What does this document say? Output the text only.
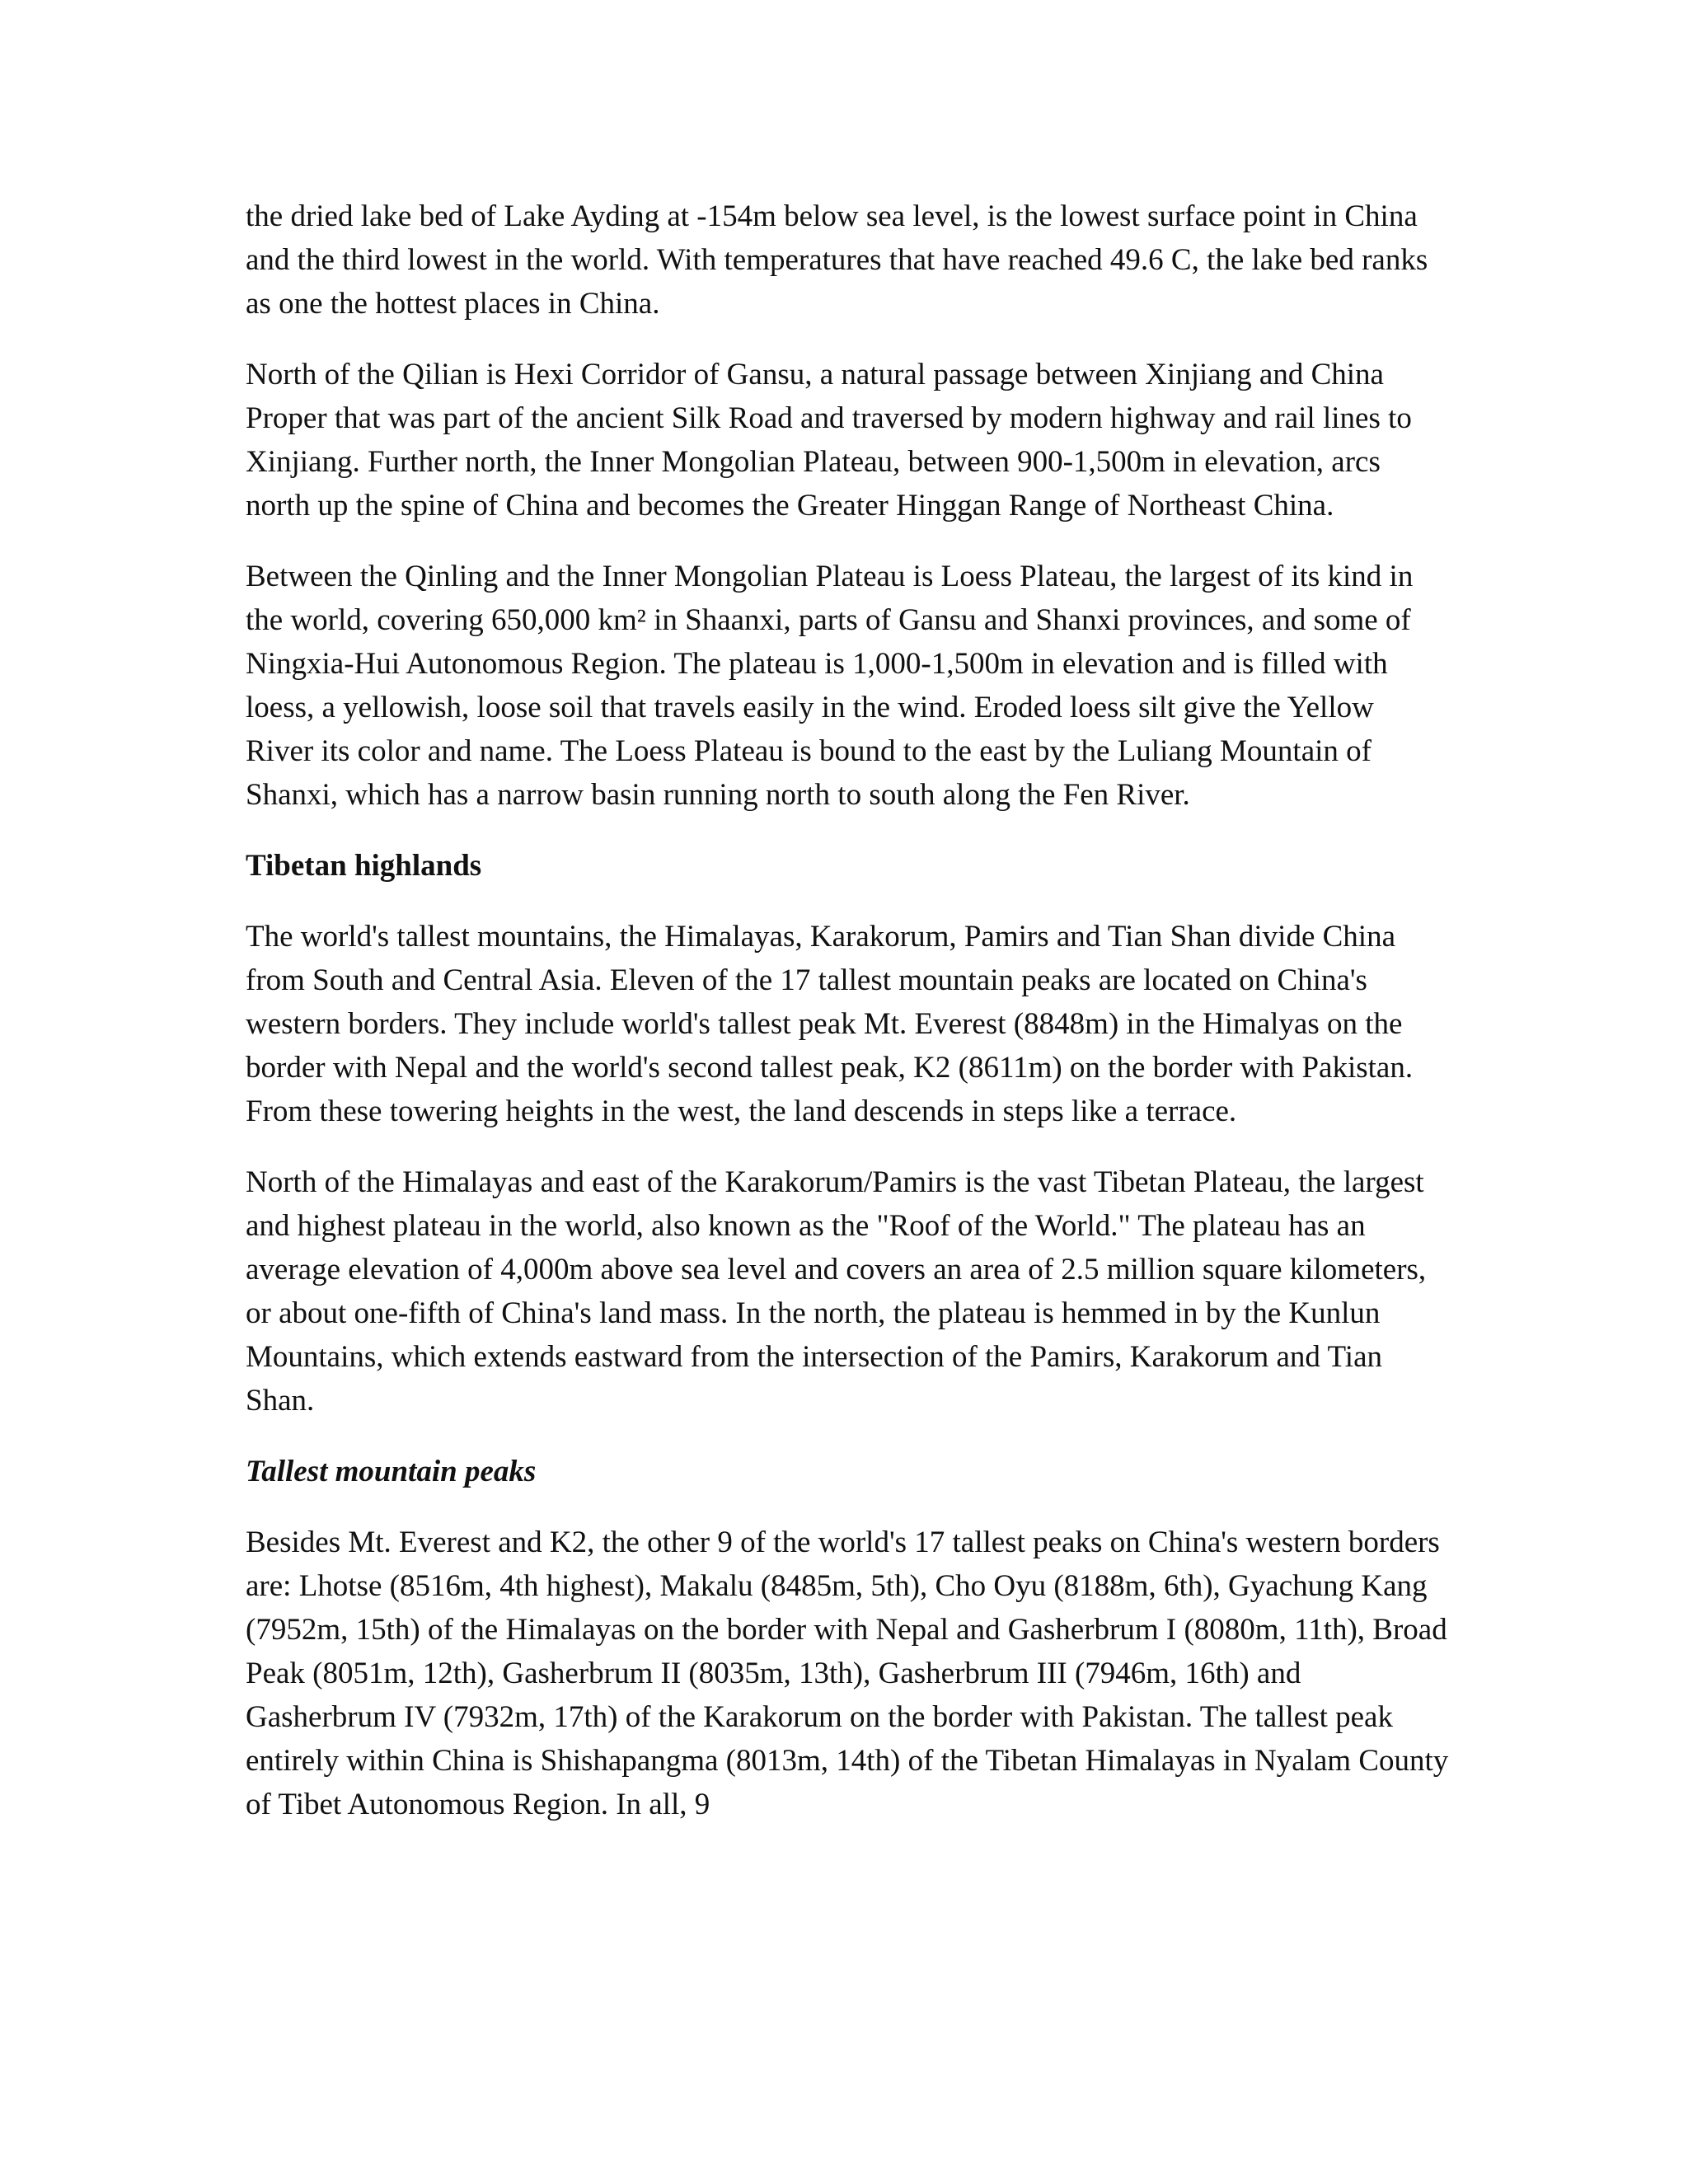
the dried lake bed of Lake Ayding at -154m below sea level, is the lowest surface point in China and the third lowest in the world. With temperatures that have reached 49.6 C, the lake bed ranks as one the hottest places in China.

North of the Qilian is Hexi Corridor of Gansu, a natural passage between Xinjiang and China Proper that was part of the ancient Silk Road and traversed by modern highway and rail lines to Xinjiang. Further north, the Inner Mongolian Plateau, between 900-1,500m in elevation, arcs north up the spine of China and becomes the Greater Hinggan Range of Northeast China.

Between the Qinling and the Inner Mongolian Plateau is Loess Plateau, the largest of its kind in the world, covering 650,000 km² in Shaanxi, parts of Gansu and Shanxi provinces, and some of Ningxia-Hui Autonomous Region. The plateau is 1,000-1,500m in elevation and is filled with loess, a yellowish, loose soil that travels easily in the wind. Eroded loess silt give the Yellow River its color and name. The Loess Plateau is bound to the east by the Luliang Mountain of Shanxi, which has a narrow basin running north to south along the Fen River.

Tibetan highlands

The world's tallest mountains, the Himalayas, Karakorum, Pamirs and Tian Shan divide China from South and Central Asia. Eleven of the 17 tallest mountain peaks are located on China's western borders. They include world's tallest peak Mt. Everest (8848m) in the Himalyas on the border with Nepal and the world's second tallest peak, K2 (8611m) on the border with Pakistan. From these towering heights in the west, the land descends in steps like a terrace.

North of the Himalayas and east of the Karakorum/Pamirs is the vast Tibetan Plateau, the largest and highest plateau in the world, also known as the "Roof of the World." The plateau has an average elevation of 4,000m above sea level and covers an area of 2.5 million square kilometers, or about one-fifth of China's land mass. In the north, the plateau is hemmed in by the Kunlun Mountains, which extends eastward from the intersection of the Pamirs, Karakorum and Tian Shan.

Tallest mountain peaks

Besides Mt. Everest and K2, the other 9 of the world's 17 tallest peaks on China's western borders are: Lhotse (8516m, 4th highest), Makalu (8485m, 5th), Cho Oyu (8188m, 6th), Gyachung Kang (7952m, 15th) of the Himalayas on the border with Nepal and Gasherbrum I (8080m, 11th), Broad Peak (8051m, 12th), Gasherbrum II (8035m, 13th), Gasherbrum III (7946m, 16th) and Gasherbrum IV (7932m, 17th) of the Karakorum on the border with Pakistan. The tallest peak entirely within China is Shishapangma (8013m, 14th) of the Tibetan Himalayas in Nyalam County of Tibet Autonomous Region. In all, 9
